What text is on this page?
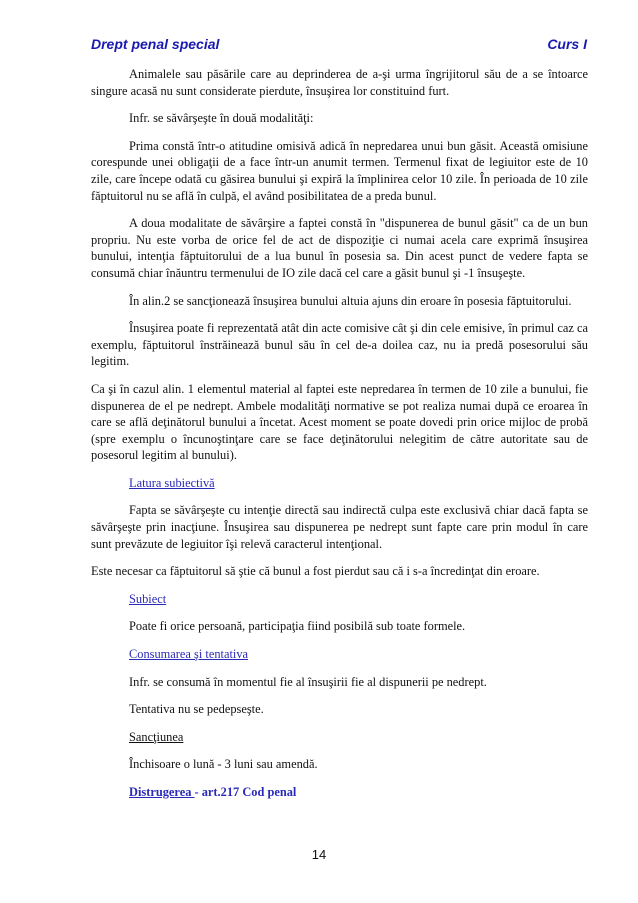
Drept penal special	Curs I

Animalele sau păsările care au deprinderea de a-şi urma îngrijitorul său de a se întoarce singure acasă nu sunt considerate pierdute, însuşirea lor constituind furt.

Infr. se săvârşeşte în două modalităţi:

Prima constă într-o atitudine omisivă adică în nepredarea unui bun găsit. Această omisiune corespunde unei obligaţii de a face într-un anumit termen. Termenul fixat de legiuitor este de 10 zile, care începe odată cu găsirea bunului şi expiră la împlinirea celor 10 zile. În perioada de 10 zile făptuitorul nu se află în culpă, el având posibilitatea de a preda bunul.

A doua modalitate de săvârşire a faptei constă în "dispunerea de bunul găsit" ca de un bun propriu. Nu este vorba de orice fel de act de dispoziţie ci numai acela care exprimă însuşirea bunului, intenţia făptuitorului de a lua bunul în posesia sa. Din acest punct de vedere fapta se consumă chiar înăuntru termenului de IO zile dacă cel care a găsit bunul şi -1 însuşeşte.

În alin.2 se sancţionează însuşirea bunului altuia ajuns din eroare în posesia făptuitorului.

Însuşirea poate fi reprezentată atât din acte comisive cât şi din cele emisive, în primul caz ca exemplu, făptuitorul înstrăinează bunul său în cel de-a doilea caz, nu ia predă posesorului său legitim.

Ca şi în cazul alin. 1 elementul material al faptei este nepredarea în termen de 10 zile a bunului, fie dispunerea de el pe nedrept. Ambele modalităţi normative se pot realiza numai după ce eroarea în care se află deţinătorul bunului a încetat. Acest moment se poate dovedi prin orice mijloc de probă (spre exemplu o încunoştinţare care se face deţinătorului nelegitim de către autoritate sau de posesorul legitim al bunului).

Latura subiectivă

Fapta se săvârşeşte cu intenţie directă sau indirectă culpa este exclusivă chiar dacă fapta se săvârşeşte prin inacţiune. Însuşirea sau dispunerea pe nedrept sunt fapte care prin modul în care sunt prevăzute de legiuitor îşi relevă caracterul intenţional.

Este necesar ca făptuitorul să ştie că bunul a fost pierdut sau că i s-a încredinţat din eroare.

Subiect

Poate fi orice persoană, participaţia fiind posibilă sub toate formele.

Consumarea şi tentativa

Infr. se consumă în momentul fie al însuşirii fie al dispunerii pe nedrept.

Tentativa nu se pedepseşte.

Sancţiunea

Închisoare o lună - 3 luni sau amendă.

Distrugerea - art.217 Cod penal

14
